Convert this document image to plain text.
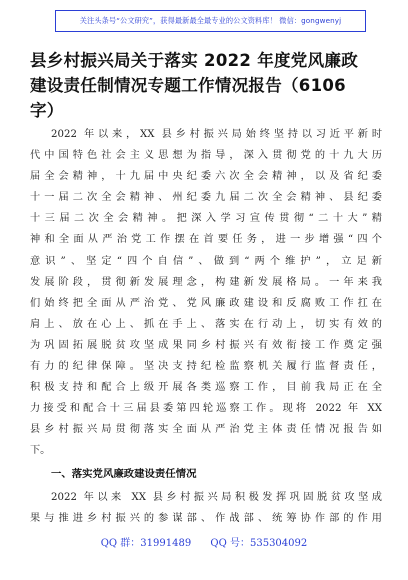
关注头条号“公文研究”，获得最新最全最专业的公文资料库！ 微信：gongwenyj
县乡村振兴局关于落实 2022 年度党风廉政
建设责任制情况专题工作情况报告（6106
字）
2022 年以来，XX 县乡村振兴局始终坚持以习近平新时
代中国特色社会主义思想为指导，深入贯彻党的十九大历
届全会精神，十九届中央纪委六次全会精神，以及省纪委
十一届二次全会精神、州纪委九届二次全会精神、县纪委
十三届二次全会精神。把深入学习宣传贯彻“二十大”精
神和全面从严治党工作摆在首要任务，进一步增强“四个
意识”、坚定“四个自信”、做到“两个维护”，立足新
发展阶段，贯彻新发展理念，构建新发展格局。一年来我
们始终把全面从严治党、党风廉政建设和反腐败工作扛在
肩上、放在心上、抓在手上、落实在行动上，切实有效的
为巩固拓展脱贫攻坚成果同乡村振兴有效衔接工作奠定强
有力的纪律保障。坚决支持纪检监察机关履行监督责任，
积极支持和配合上级开展各类巡察工作，目前我局正在全
力接受和配合十三届县委第四轮巡察工作。现将 2022 年 XX
县乡村振兴局贯彻落实全面从严治党主体责任情况报告如
下。
一、落实党风廉政建设责任情况
2022 年以来 XX 县乡村振兴局积极发挥巩固脱贫攻坚成
果与推进乡村振兴的参谋部、作战部、统筹协作部的作用
QQ 群：31991489 QQ 号：535304092
